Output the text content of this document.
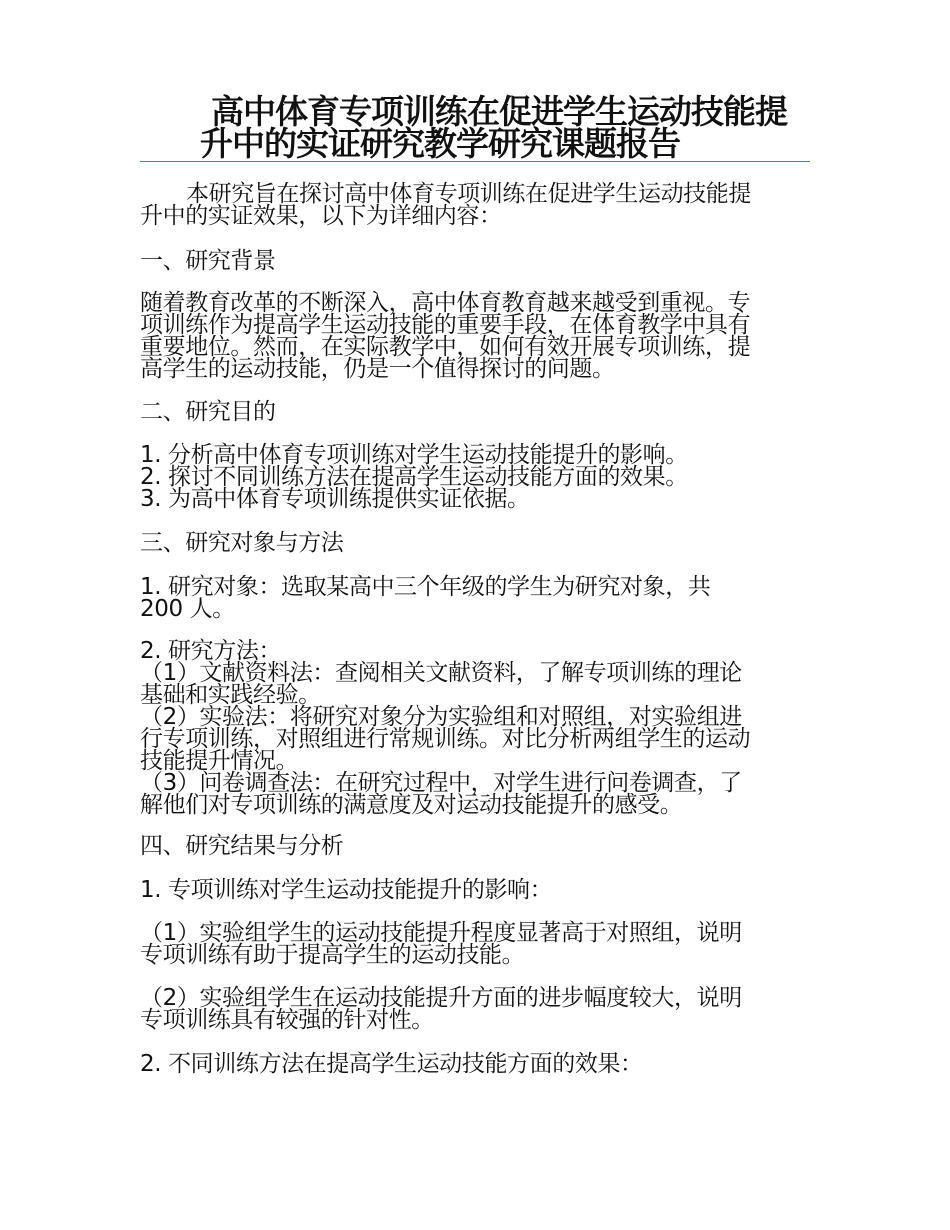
高中体育专项训练在促进学生运动技能提
升中的实证研究教学研究课题报告

本研究旨在探讨高中体育专项训练在促进学生运动技能提
升中的实证效果，以下为详细内容：

一、研究背景

随着教育改革的不断深入，高中体育教育越来越受到重视。专
项训练作为提高学生运动技能的重要手段，在体育教学中具有
重要地位。然而，在实际教学中，如何有效开展专项训练，提
高学生的运动技能，仍是一个值得探讨的问题。

二、研究目的

1. 分析高中体育专项训练对学生运动技能提升的影响。
2. 探讨不同训练方法在提高学生运动技能方面的效果。
3. 为高中体育专项训练提供实证依据。

三、研究对象与方法

1. 研究对象：选取某高中三个年级的学生为研究对象，共
200 人。

2. 研究方法：
（1）文献资料法：查阅相关文献资料，了解专项训练的理论
基础和实践经验。
（2）实验法：将研究对象分为实验组和对照组，对实验组进
行专项训练，对照组进行常规训练。对比分析两组学生的运动
技能提升情况。
（3）问卷调查法：在研究过程中，对学生进行问卷调查，了
解他们对专项训练的满意度及对运动技能提升的感受。

四、研究结果与分析

1. 专项训练对学生运动技能提升的影响：

（1）实验组学生的运动技能提升程度显著高于对照组，说明
专项训练有助于提高学生的运动技能。

（2）实验组学生在运动技能提升方面的进步幅度较大，说明
专项训练具有较强的针对性。

2. 不同训练方法在提高学生运动技能方面的效果：
